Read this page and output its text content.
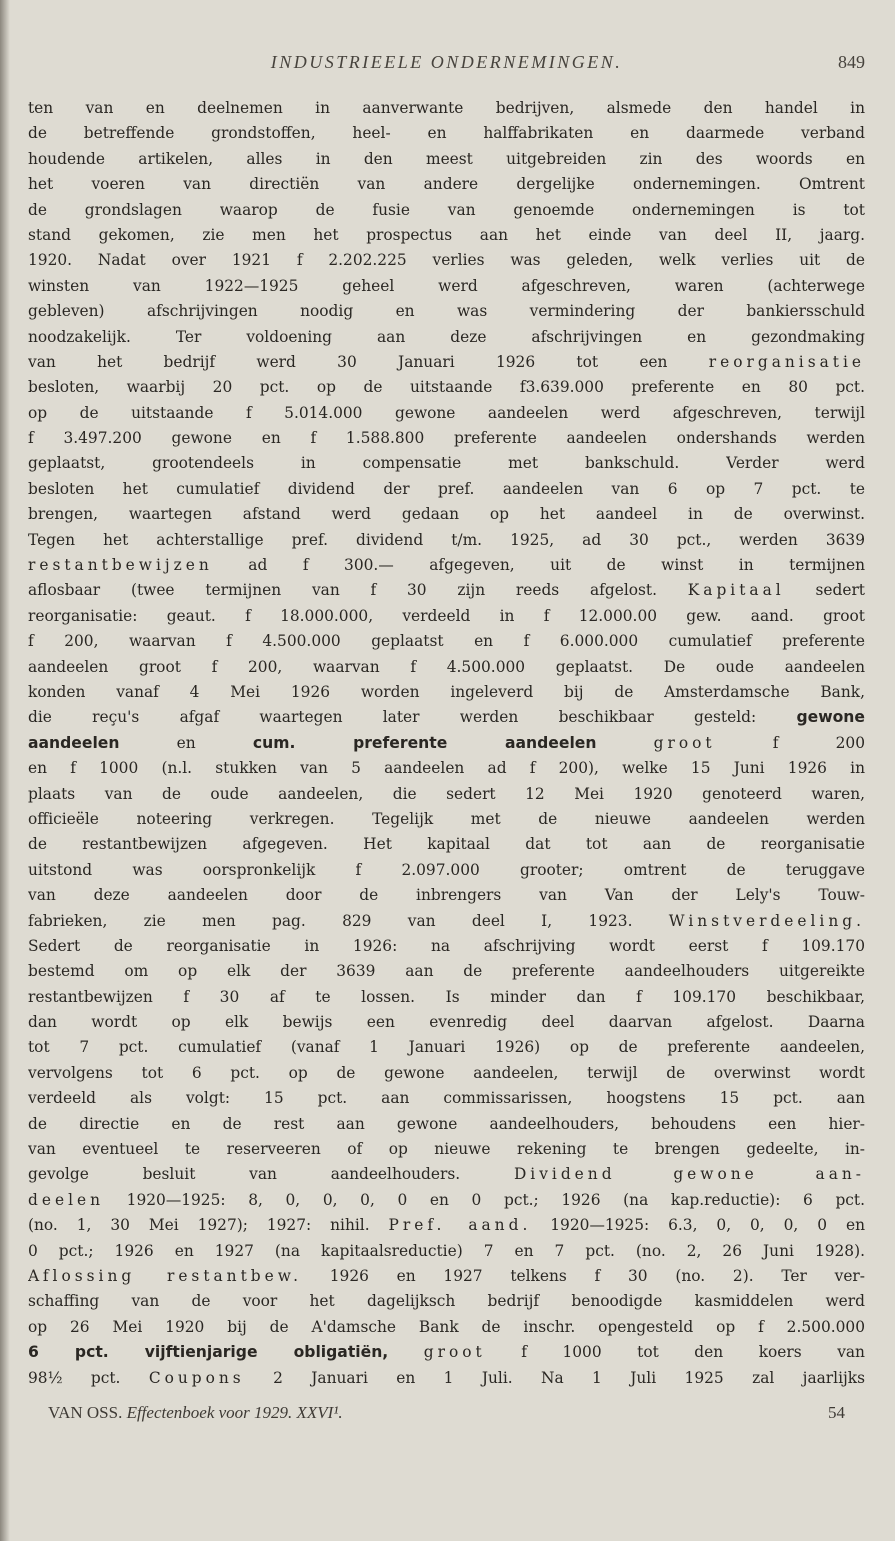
INDUSTRIEELE ONDERNEMINGEN.	849
ten van en deelnemen in aanverwante bedrijven, alsmede den handel in
de betreffende grondstoffen, heel- en halffabrikaten en daarmede verband
houdende artikelen, alles in den meest uitgebreiden zin des woords en
het voeren van directiën van andere dergelijke ondernemingen. Omtrent
de grondslagen waarop de fusie van genoemde ondernemingen is tot
stand gekomen, zie men het prospectus aan het einde van deel II, jaarg.
1920. Nadat over 1921 f 2.202.225 verlies was geleden, welk verlies uit de
winsten van 1922—1925 geheel werd afgeschreven, waren (achterwege
gebleven) afschrijvingen noodig en was vermindering der bankiersschuld
noodzakelijk. Ter voldoening aan deze afschrijvingen en gezondmaking
van het bedrijf werd 30 Januari 1926 tot een reorganisatie
besloten, waarbij 20 pct. op de uitstaande f3.639.000 preferente en 80 pct.
op de uitstaande f 5.014.000 gewone aandeelen werd afgeschreven, terwijl
f 3.497.200 gewone en f 1.588.800 preferente aandeelen ondershands werden
geplaatst, grootendeels in compensatie met bankschuld. Verder werd
besloten het cumulatief dividend der pref. aandeelen van 6 op 7 pct. te
brengen, waartegen afstand werd gedaan op het aandeel in de overwinst.
Tegen het achterstallige pref. dividend t/m. 1925, ad 30 pct., werden 3639
restantbewijzen ad f 300.— afgegeven, uit de winst in termijnen
aflosbaar (twee termijnen van f 30 zijn reeds afgelost. Kapitaal sedert
reorganisatie: geaut. f 18.000.000, verdeeld in f 12.000.00 gew. aand. groot
f 200, waarvan f 4.500.000 geplaatst en f 6.000.000 cumulatief preferente
aandeelen groot f 200, waarvan f 4.500.000 geplaatst. De oude aandeelen
konden vanaf 4 Mei 1926 worden ingeleverd bij de Amsterdamsche Bank,
die reçu's afgaf waartegen later werden beschikbaar gesteld: gewone
aandeelen en cum. preferente aandeelen	groot f 200
en f 1000 (n.l. stukken van 5 aandeelen ad f 200), welke 15 Juni 1926 in
plaats van de oude aandeelen, die sedert 12 Mei 1920 genoteerd waren,
officieële noteering verkregen. Tegelijk met de nieuwe aandeelen werden
de restantbewijzen afgegeven. Het kapitaal dat tot aan de reorganisatie
uitstond was oorspronkelijk f 2.097.000 grooter; omtrent de teruggave
van deze aandeelen door de inbrengers van Van der Lely's Touw-
fabrieken, zie men pag. 829 van deel I, 1923. Winstverdeeling.
Sedert de reorganisatie in 1926: na afschrijving wordt eerst f 109.170
bestemd om op elk der 3639 aan de preferente aandeelhouders uitgereikte
restantbewijzen f 30 af te lossen. Is minder dan f 109.170 beschikbaar,
dan wordt op elk bewijs een evenredig deel daarvan afgelost. Daarna
tot 7 pct. cumulatief (vanaf 1 Januari 1926) op de preferente aandeelen,
vervolgens tot 6 pct. op de gewone aandeelen, terwijl de overwinst wordt
verdeeld als volgt: 15 pct. aan commissarissen, hoogstens 15 pct. aan
de directie en de rest aan gewone aandeelhouders, behoudens een hier-
van eventueel te reserveeren of op nieuwe rekening te brengen gedeelte, in-
gevolge besluit van aandeelhouders. Dividend gewone aan-
deelen 1920—1925: 8, 0, 0, 0, 0 en 0 pct.; 1926 (na kap.reductie): 6 pct.
(no. 1, 30 Mei 1927); 1927: nihil. Pref. aand. 1920—1925: 6.3, 0, 0, 0, 0 en
0 pct.; 1926 en 1927 (na kapitaalsreductie) 7 en 7 pct. (no. 2, 26 Juni 1928).
Aflossing restantbew. 1926 en 1927 telkens f 30 (no. 2). Ter ver-
schaffing van de voor het dagelijksch bedrijf benoodigde kasmiddelen werd
op 26 Mei 1920 bij de A'damsche Bank de inschr. opengesteld op f 2.500.000
6 pct. vijftienjarige obligatiën, groot f 1000 tot den koers van
98½ pct. Coupons 2 Januari en 1 Juli. Na 1 Juli 1925 zal jaarlijks
VAN OSS. Effectenboek voor 1929. XXVI¹.	54
